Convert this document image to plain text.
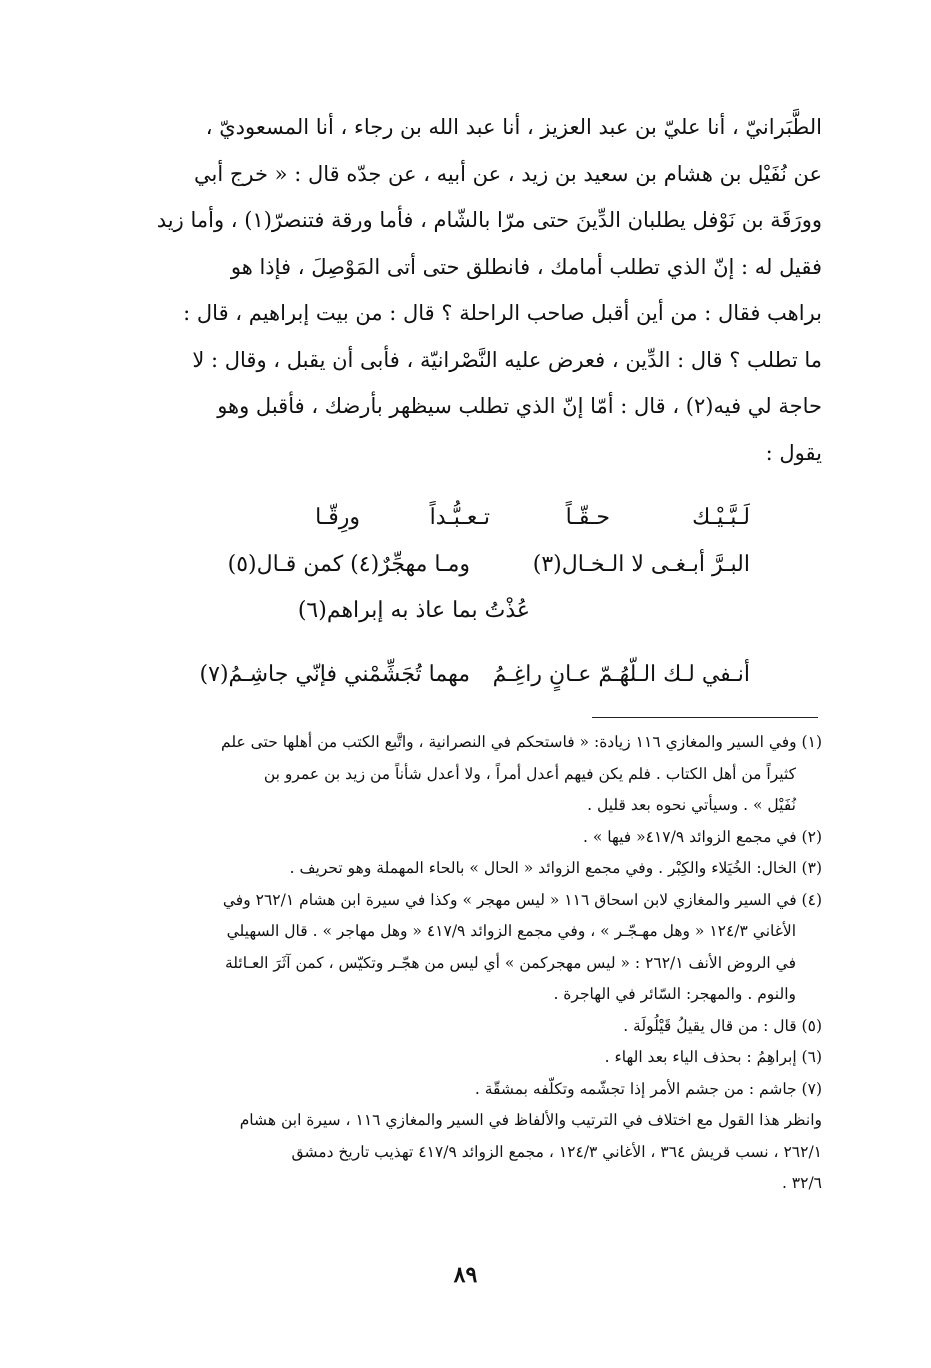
الطَّبَرانيّ ، أنا عليّ بن عبد العزيز ، أنا عبد الله بن رجاء ، أنا المسعوديّ ،

عن نُفَيْل بن هشام بن سعيد بن زيد ، عن أبيه ، عن جدّه قال : « خرج أبي

وورَقَة بن نَوْفل يطلبان الدِّينَ حتى مرّا بالشّام ، فأما ورقة فتنصرّ(١) ، وأما زيد

فقيل له : إنّ الذي تطلب أمامك ، فانطلق حتى أتى المَوْصِلَ ، فإذا هو

براهب فقال : من أين أقبل صاحب الراحلة ؟ قال : من بيت إبراهيم ، قال :

ما تطلب ؟ قال : الدِّين ، فعرض عليه النَّصْرانيّة ، فأبى أن يقبل ، وقال : لا

حاجة لي فيه(٢) ، قال : أمّا إنّ الذي تطلب سيظهر بأرضك ، فأقبل وهو

يقول :

لَـبَّـيْـك
حـقّـاً
تـعـبُّـداً
ورِقّـا
البـرَّ أبـغـى لا الـخـال(٣)
ومـا مهجِّرٌ(٤) كمن قـال(٥)
عُذْتُ بما عاذ به إبراهم(٦)
أنـفي لـك الـلّهُـمّ عـانٍ راغِـمُ
مهما تُجَشِّمْني فإنّي جاشِـمُ(٧)

(١) وفي السير والمغازي ١١٦ زيادة: « فاستحكم في النصرانية ، واتَّبع الكتب من أهلها حتى علم

كثيراً من أهل الكتاب . فلم يكن فيهم أعدل أمراً ، ولا أعدل شأناً من زيد بن عمرو بن

نُفَيْل » . وسيأتي نحوه بعد قليل .

(٢) في مجمع الزوائد ٤١٧/٩« فيها » .

(٣) الخال: الخُيَلاء والكِبْر . وفي مجمع الزوائد « الحال » بالحاء المهملة وهو تحريف .

(٤) في السير والمغازي لابن اسحاق ١١٦ « ليس مهجر » وكذا في سيرة ابن هشام ٢٦٢/١ وفي

الأغاني ١٢٤/٣ « وهل مهـجّـر » ، وفي مجمع الزوائد ٤١٧/٩ « وهل مهاجر » . قال السهيلي

في الروض الأنف ٢٦٢/١ : « ليس مهجركمن » أي ليس من هجّـر وتكيّس ، كمن آثَرَ العـائلة

والنوم . والمهجر: السّائر في الهاجرة .

(٥) قال : من قال يقيلُ قَيْلُولَة .

(٦) إبراهِمُ : بحذف الياء بعد الهاء .

(٧) جاشم : من جشم الأمر إذا تجشّمه وتكلّفه بمشقّة .

وانظر هذا القول مع اختلاف في الترتيب والألفاظ في السير والمغازي ١١٦ ، سيرة ابن هشام

٢٦٢/١ ، نسب قريش ٣٦٤ ، الأغاني ١٢٤/٣ ، مجمع الزوائد ٤١٧/٩ تهذيب تاريخ دمشق

٣٢/٦ .

٨٩
